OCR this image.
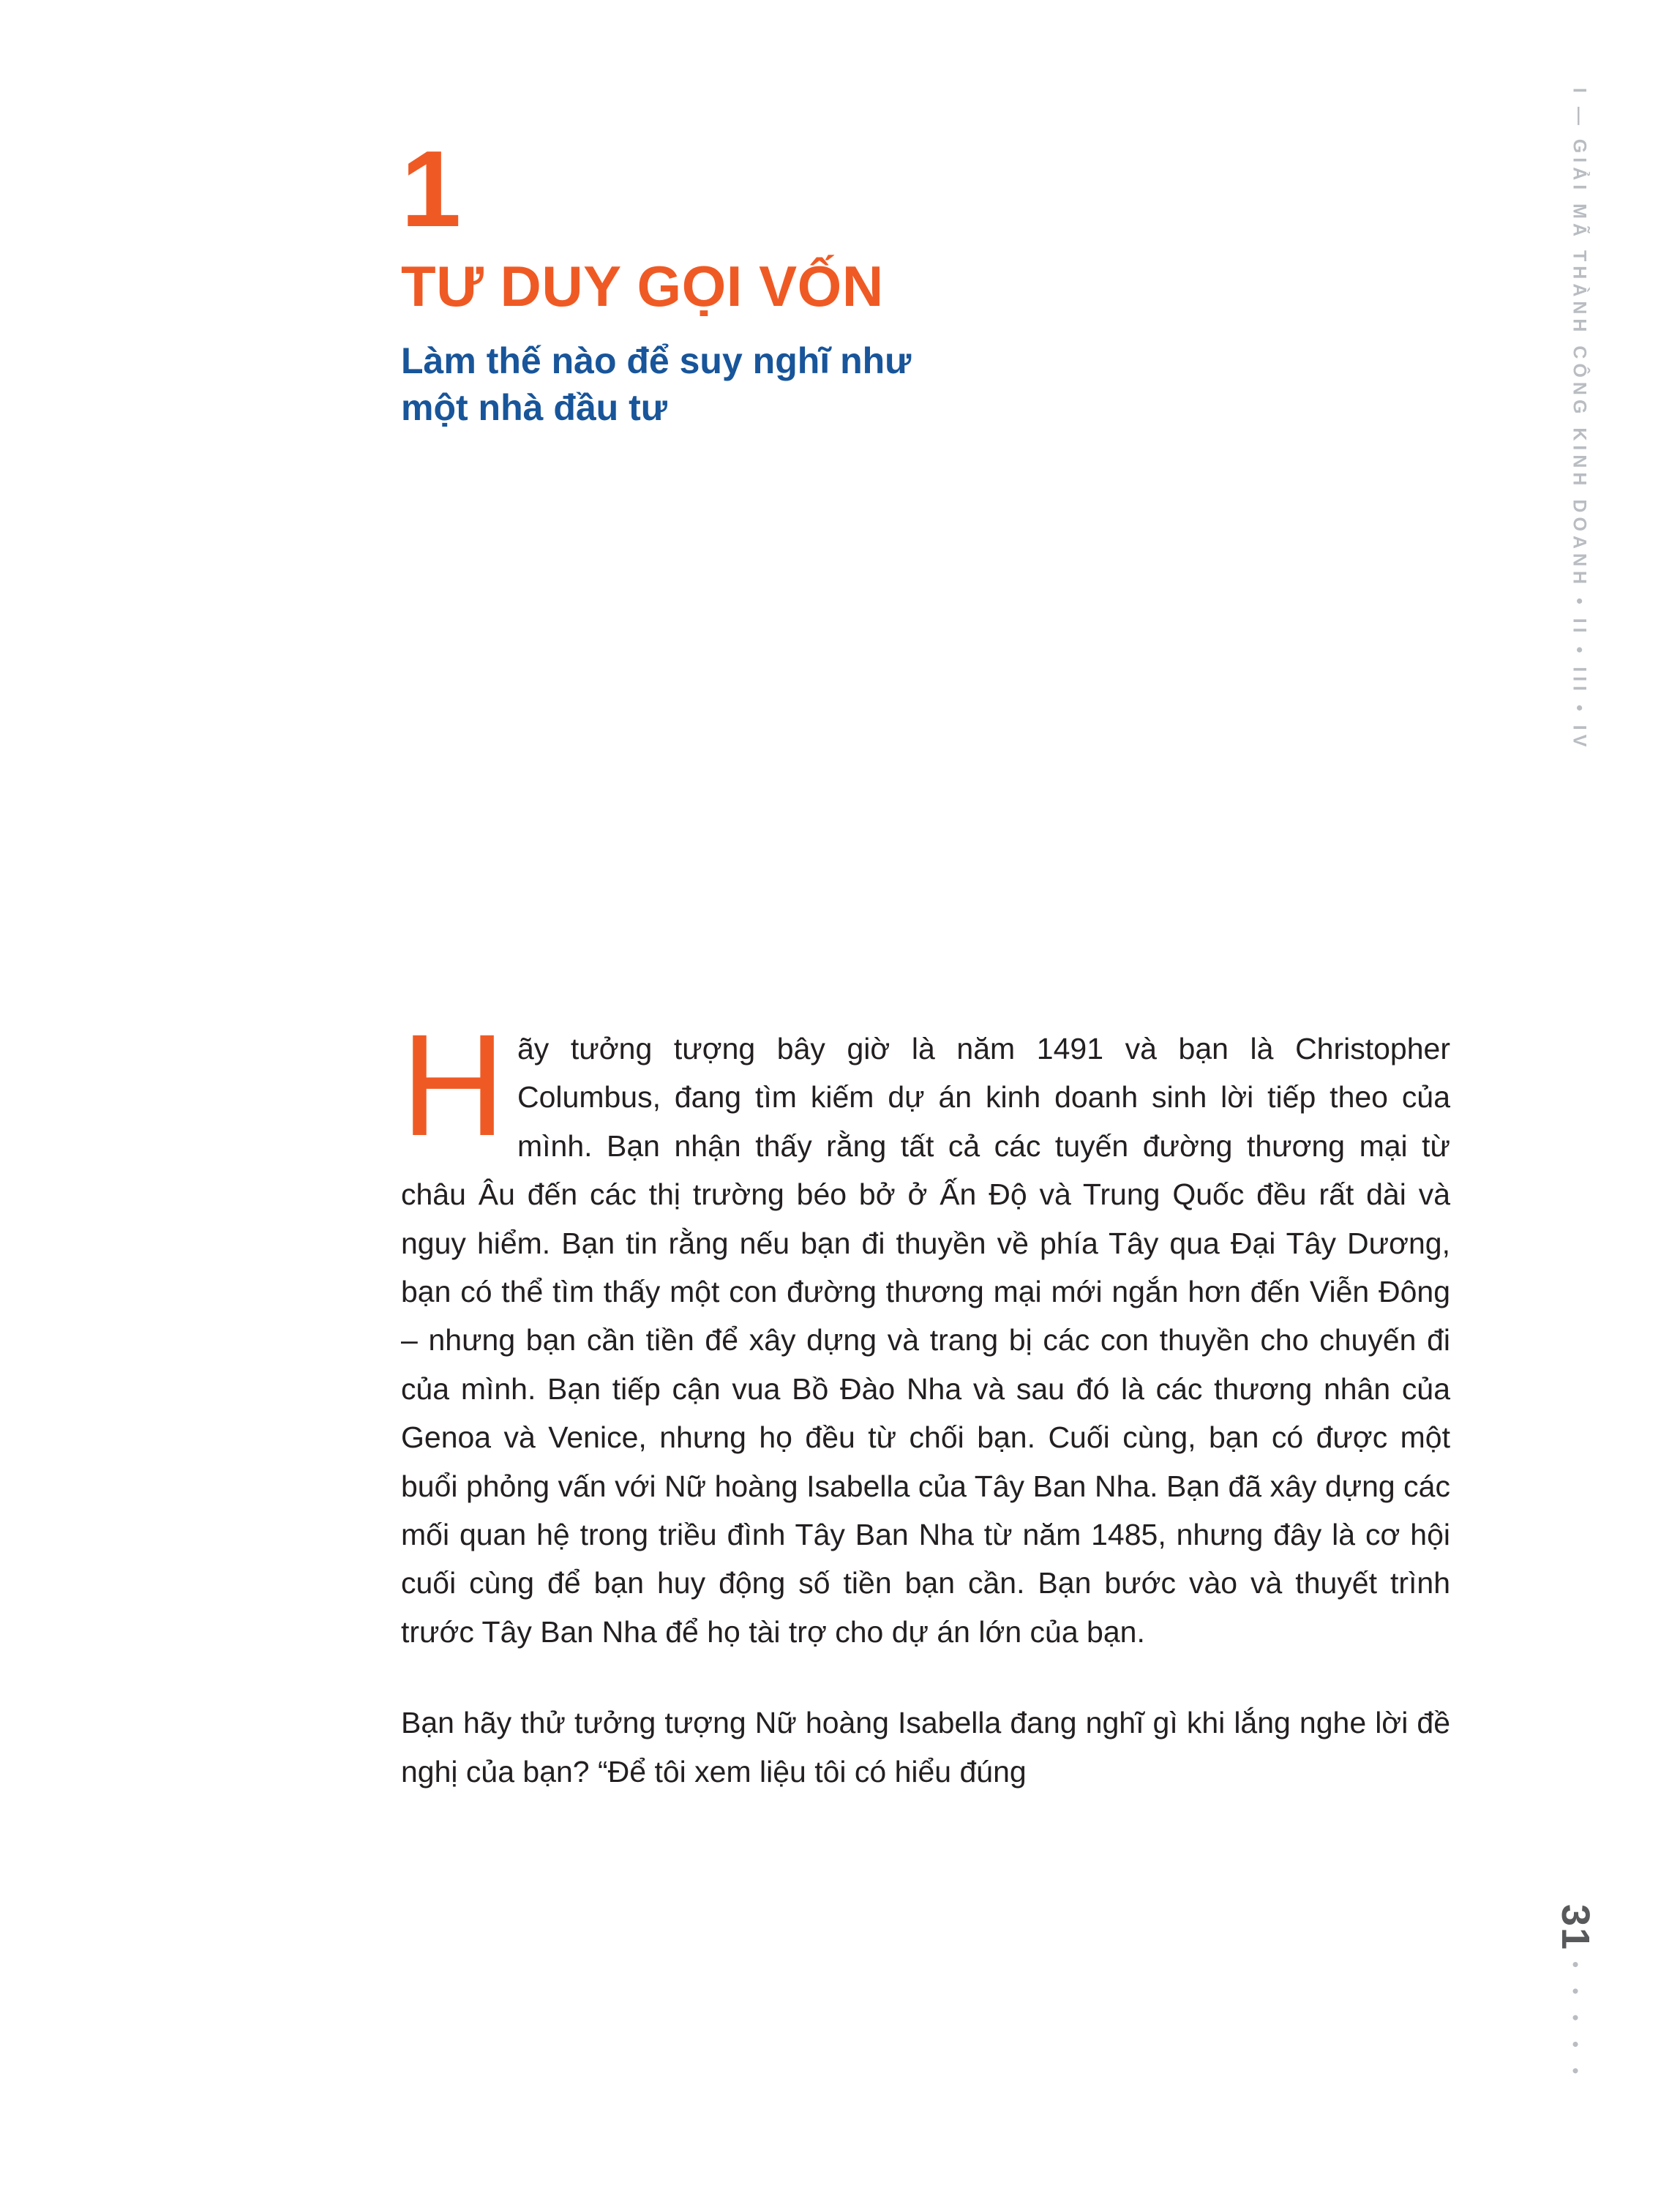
1
TƯ DUY GỌI VỐN
Làm thế nào để suy nghĩ như một nhà đầu tư	I — GIẢI MÃ THÀNH CÔNG KINH DOANH • II • III • IV

Hãy tưởng tượng bây giờ là năm 1491 và bạn là Christopher Columbus, đang tìm kiếm dự án kinh doanh sinh lời tiếp theo của mình. Bạn nhận thấy rằng tất cả các tuyến đường thương mại từ châu Âu đến các thị trường béo bở ở Ấn Độ và Trung Quốc đều rất dài và nguy hiểm. Bạn tin rằng nếu bạn đi thuyền về phía Tây qua Đại Tây Dương, bạn có thể tìm thấy một con đường thương mại mới ngắn hơn đến Viễn Đông – nhưng bạn cần tiền để xây dựng và trang bị các con thuyền cho chuyến đi của mình. Bạn tiếp cận vua Bồ Đào Nha và sau đó là các thương nhân của Genoa và Venice, nhưng họ đều từ chối bạn. Cuối cùng, bạn có được một buổi phỏng vấn với Nữ hoàng Isabella của Tây Ban Nha. Bạn đã xây dựng các mối quan hệ trong triều đình Tây Ban Nha từ năm 1485, nhưng đây là cơ hội cuối cùng để bạn huy động số tiền bạn cần. Bạn bước vào và thuyết trình trước Tây Ban Nha để họ tài trợ cho dự án lớn của bạn.

Bạn hãy thử tưởng tượng Nữ hoàng Isabella đang nghĩ gì khi lắng nghe lời đề nghị của bạn? “Để tôi xem liệu tôi có hiểu đúng

31
• • • • •
